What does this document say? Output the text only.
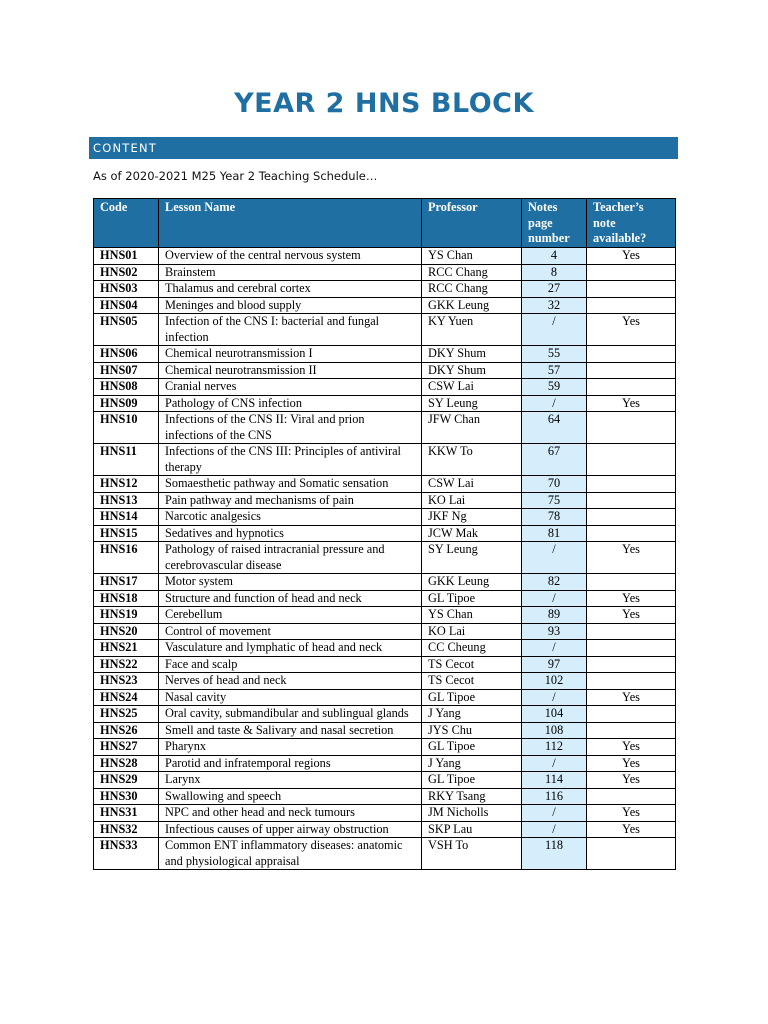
YEAR 2 HNS BLOCK
CONTENT
As of 2020-2021 M25 Year 2 Teaching Schedule…
Code	Lesson Name	Professor	Notes page number	Teacher’s note available?
HNS01	Overview of the central nervous system	YS Chan	4	Yes
HNS02	Brainstem	RCC Chang	8	
HNS03	Thalamus and cerebral cortex	RCC Chang	27	
HNS04	Meninges and blood supply	GKK Leung	32	
HNS05	Infection of the CNS I: bacterial and fungal infection	KY Yuen	/	Yes
HNS06	Chemical neurotransmission I	DKY Shum	55	
HNS07	Chemical neurotransmission II	DKY Shum	57	
HNS08	Cranial nerves	CSW Lai	59	
HNS09	Pathology of CNS infection	SY Leung	/	Yes
HNS10	Infections of the CNS II: Viral and prion infections of the CNS	JFW Chan	64	
HNS11	Infections of the CNS III: Principles of antiviral therapy	KKW To	67	
HNS12	Somaesthetic pathway and Somatic sensation	CSW Lai	70	
HNS13	Pain pathway and mechanisms of pain	KO Lai	75	
HNS14	Narcotic analgesics	JKF Ng	78	
HNS15	Sedatives and hypnotics	JCW Mak	81	
HNS16	Pathology of raised intracranial pressure and cerebrovascular disease	SY Leung	/	Yes
HNS17	Motor system	GKK Leung	82	
HNS18	Structure and function of head and neck	GL Tipoe	/	Yes
HNS19	Cerebellum	YS Chan	89	Yes
HNS20	Control of movement	KO Lai	93	
HNS21	Vasculature and lymphatic of head and neck	CC Cheung	/	
HNS22	Face and scalp	TS Cecot	97	
HNS23	Nerves of head and neck	TS Cecot	102	
HNS24	Nasal cavity	GL Tipoe	/	Yes
HNS25	Oral cavity, submandibular and sublingual glands	J Yang	104	
HNS26	Smell and taste & Salivary and nasal secretion	JYS Chu	108	
HNS27	Pharynx	GL Tipoe	112	Yes
HNS28	Parotid and infratemporal regions	J Yang	/	Yes
HNS29	Larynx	GL Tipoe	114	Yes
HNS30	Swallowing and speech	RKY Tsang	116	
HNS31	NPC and other head and neck tumours	JM Nicholls	/	Yes
HNS32	Infectious causes of upper airway obstruction	SKP Lau	/	Yes
HNS33	Common ENT inflammatory diseases: anatomic and physiological appraisal	VSH To	118	
